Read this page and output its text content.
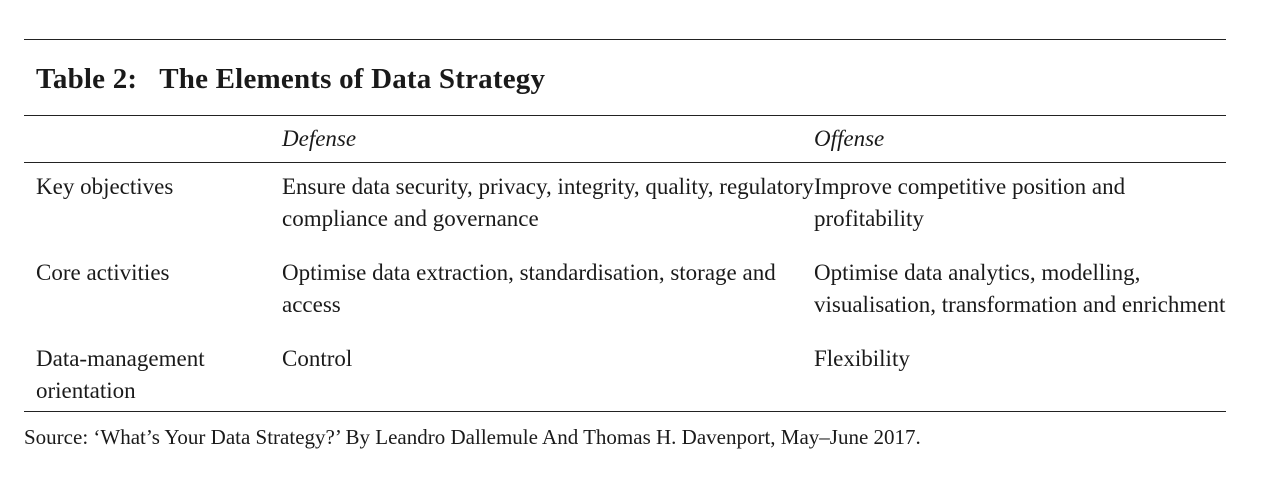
Table 2: The Elements of Data Strategy
	Defense	Offense
Key objectives	Ensure data security, privacy, integrity, quality, regulatory compliance and governance	Improve competitive position and profitability
Core activities	Optimise data extraction, standardisation, storage and access	Optimise data analytics, modelling, visualisation, transformation and enrichment
Data-management orientation	Control	Flexibility
Source: ‘What’s Your Data Strategy?’ By Leandro Dallemule And Thomas H. Davenport, May–June 2017.
